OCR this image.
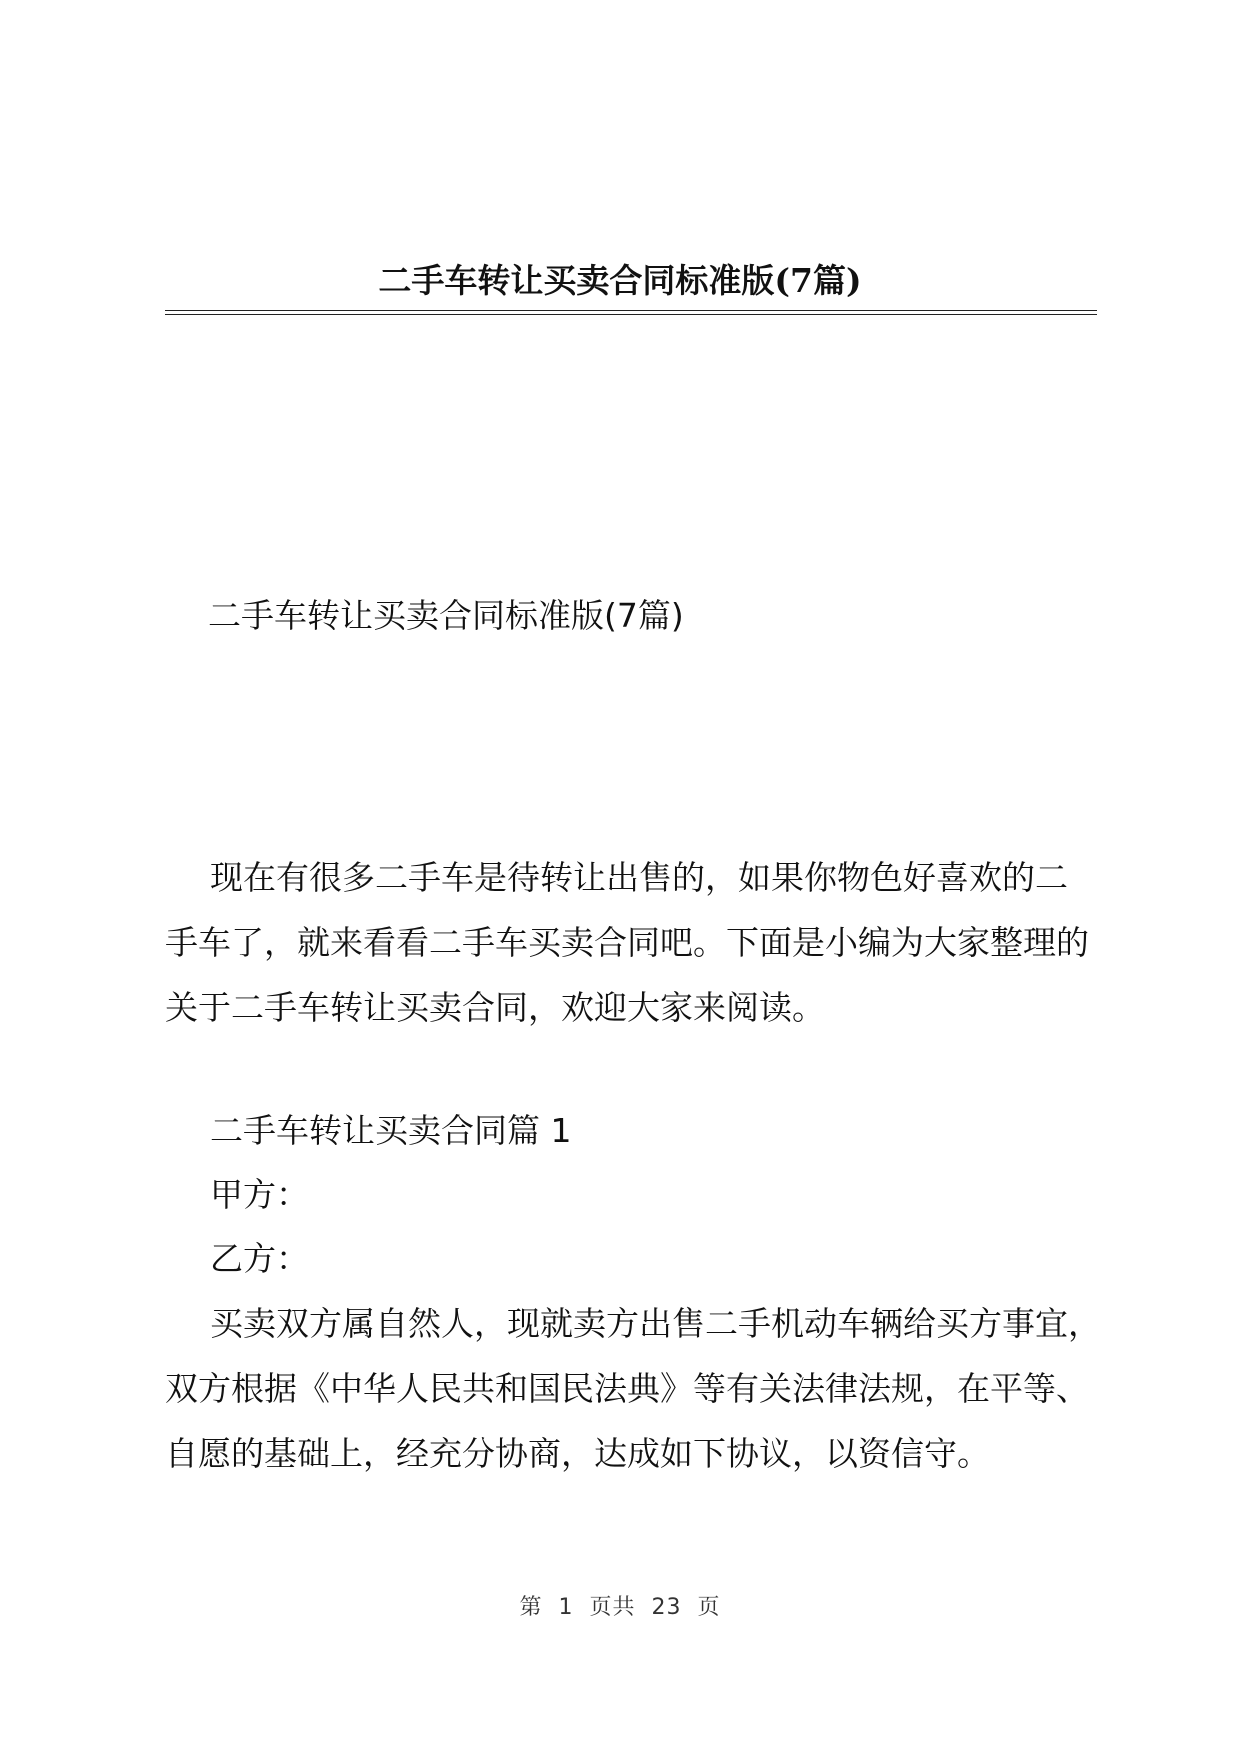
二手车转让买卖合同标准版(7篇)
二手车转让买卖合同标准版(7篇)

现在有很多二手车是待转让出售的，如果你物色好喜欢的二

手车了，就来看看二手车买卖合同吧。下面是小编为大家整理的

关于二手车转让买卖合同，欢迎大家来阅读。

二手车转让买卖合同篇 1

甲方：

乙方：

买卖双方属自然人，现就卖方出售二手机动车辆给买方事宜，

双方根据《中华人民共和国民法典》等有关法律法规，在平等、

自愿的基础上，经充分协商，达成如下协议，以资信守。

第 1 页共 23 页
